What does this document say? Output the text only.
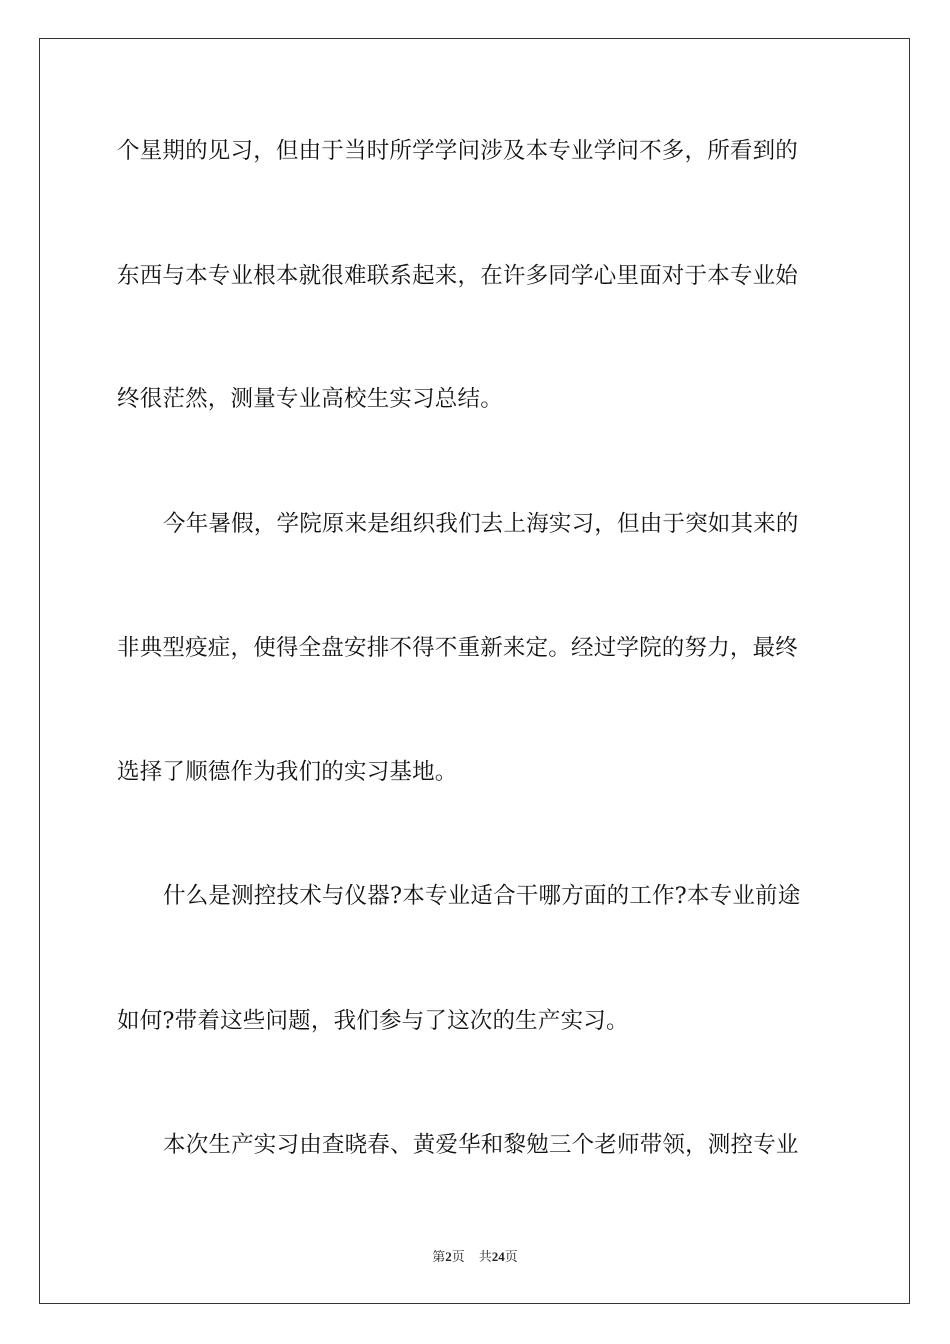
个星期的见习，但由于当时所学学问涉及本专业学问不多，所看到的
东西与本专业根本就很难联系起来，在许多同学心里面对于本专业始
终很茫然，测量专业高校生实习总结。
今年暑假，学院原来是组织我们去上海实习，但由于突如其来的
非典型疫症，使得全盘安排不得不重新来定。经过学院的努力，最终
选择了顺德作为我们的实习基地。
什么是测控技术与仪器?本专业适合干哪方面的工作?本专业前途
如何?带着这些问题，我们参与了这次的生产实习。
本次生产实习由查晓春、黄爱华和黎勉三个老师带领，测控专业
第2页 共24页
